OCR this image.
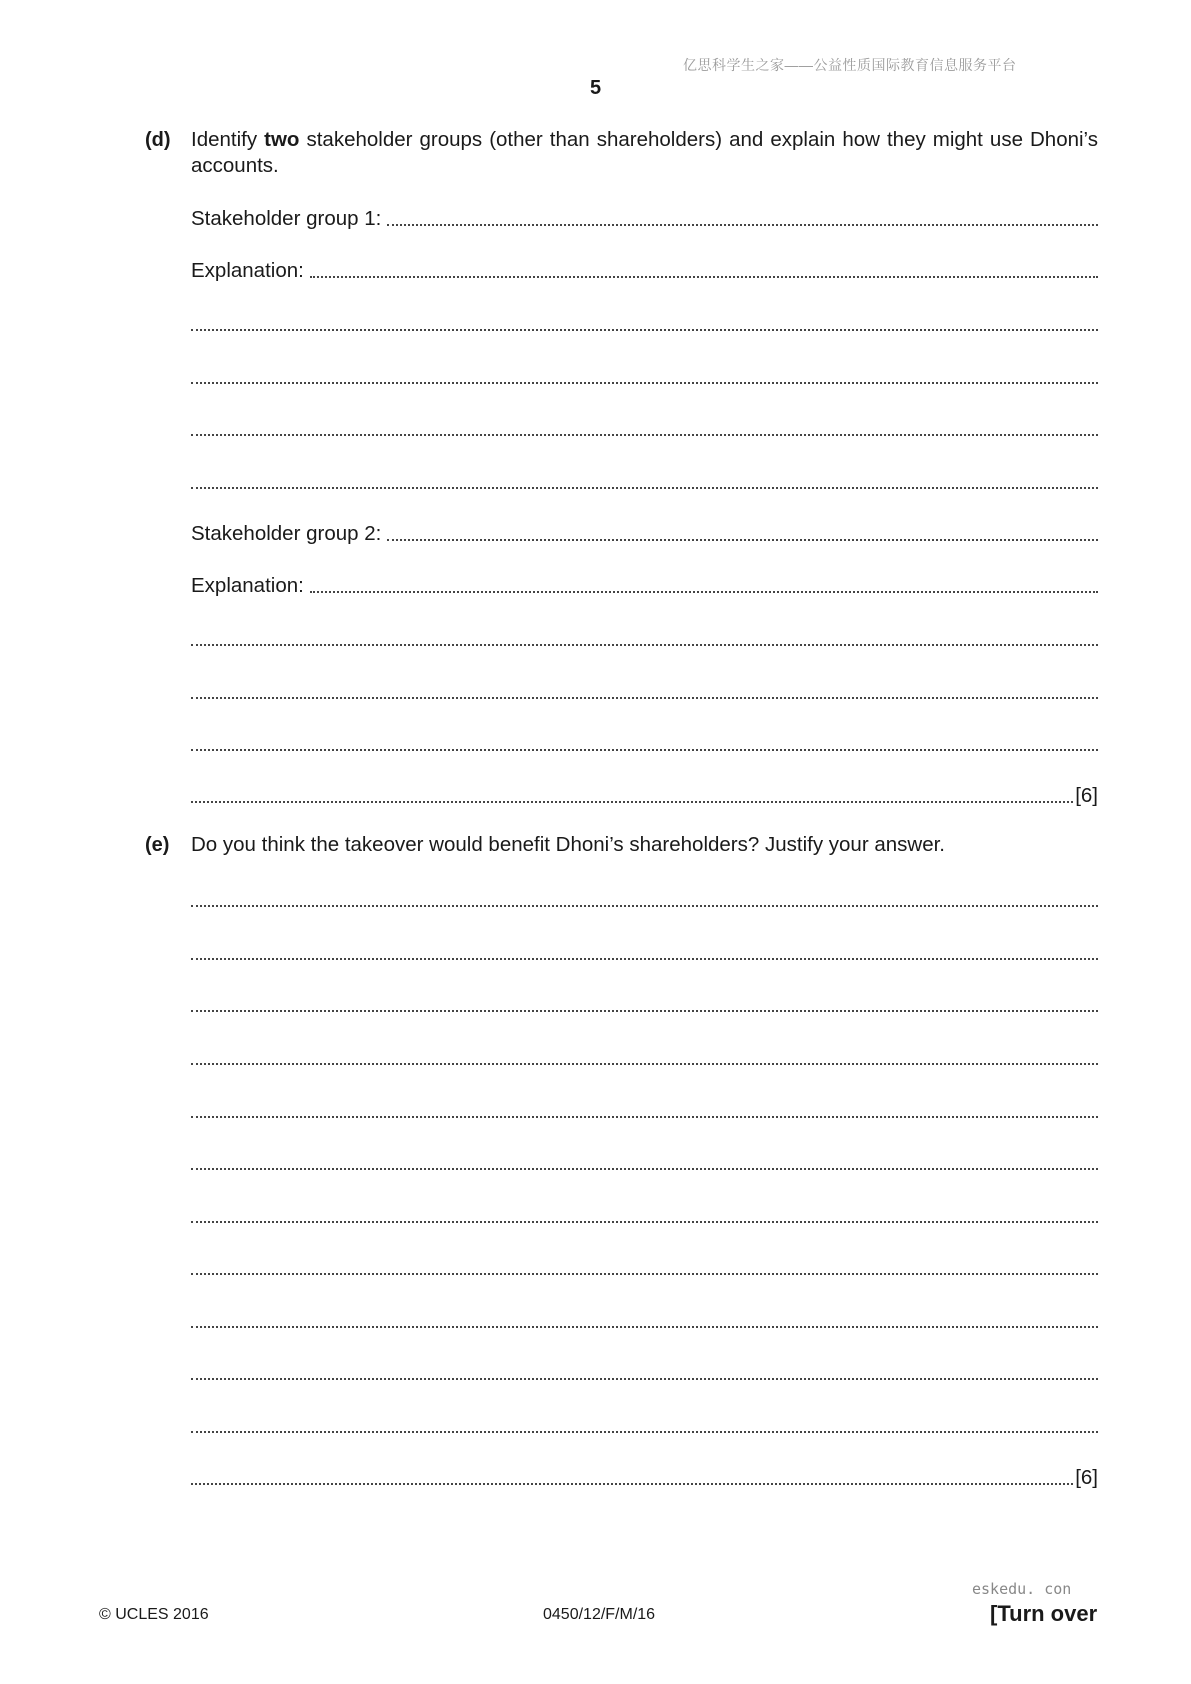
亿思科学生之家——公益性质国际教育信息服务平台
5
(d) Identify two stakeholder groups (other than shareholders) and explain how they might use Dhoni’s accounts.
Stakeholder group 1:
Explanation:
Stakeholder group 2:
Explanation:
[6]
(e) Do you think the takeover would benefit Dhoni’s shareholders? Justify your answer.
[6]
© UCLES 2016	0450/12/F/M/16
eskedu. con
[Turn over
